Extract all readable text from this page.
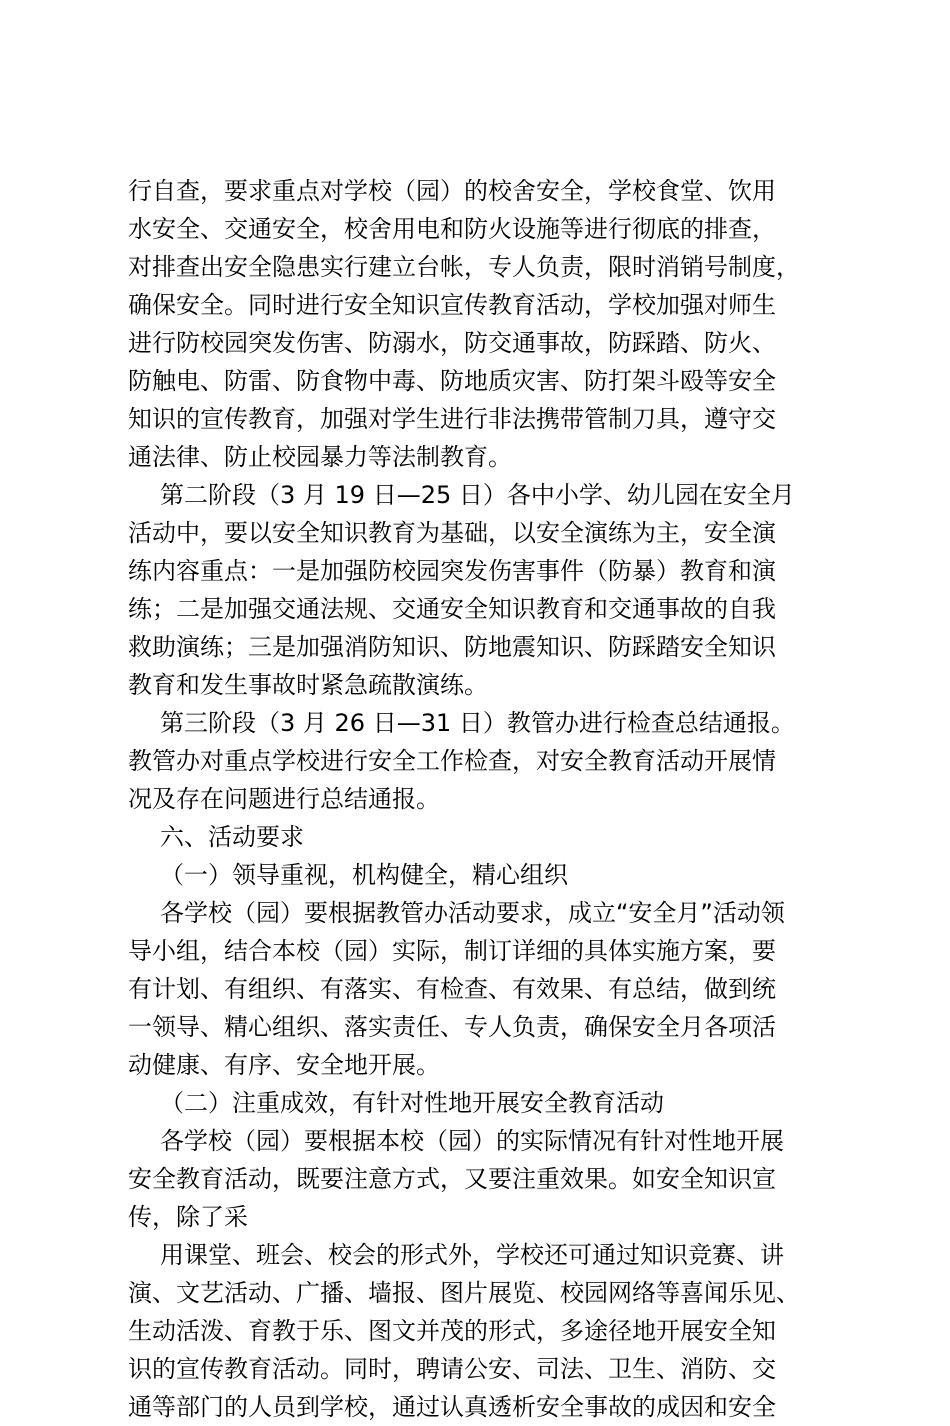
行自查，要求重点对学校（园）的校舍安全，学校食堂、饮用
水安全、交通安全，校舍用电和防火设施等进行彻底的排查，
对排查出安全隐患实行建立台帐，专人负责，限时消销号制度，
确保安全。同时进行安全知识宣传教育活动，学校加强对师生
进行防校园突发伤害、防溺水，防交通事故，防踩踏、防火、
防触电、防雷、防食物中毒、防地质灾害、防打架斗殴等安全
知识的宣传教育，加强对学生进行非法携带管制刀具，遵守交
通法律、防止校园暴力等法制教育。
第二阶段（3 月 19 日—25 日）各中小学、幼儿园在安全月
活动中，要以安全知识教育为基础，以安全演练为主，安全演
练内容重点：一是加强防校园突发伤害事件（防暴）教育和演
练；二是加强交通法规、交通安全知识教育和交通事故的自我
救助演练；三是加强消防知识、防地震知识、防踩踏安全知识
教育和发生事故时紧急疏散演练。
第三阶段（3 月 26 日—31 日）教管办进行检查总结通报。
教管办对重点学校进行安全工作检查，对安全教育活动开展情
况及存在问题进行总结通报。
六、活动要求
（一）领导重视，机构健全，精心组织
各学校（园）要根据教管办活动要求，成立“安全月”活动领
导小组，结合本校（园）实际，制订详细的具体实施方案，要
有计划、有组织、有落实、有检查、有效果、有总结，做到统
一领导、精心组织、落实责任、专人负责，确保安全月各项活
动健康、有序、安全地开展。
（二）注重成效，有针对性地开展安全教育活动
各学校（园）要根据本校（园）的实际情况有针对性地开展
安全教育活动，既要注意方式，又要注重效果。如安全知识宣
传，除了采
用课堂、班会、校会的形式外，学校还可通过知识竞赛、讲
演、文艺活动、广播、墙报、图片展览、校园网络等喜闻乐见、
生动活泼、育教于乐、图文并茂的形式，多途径地开展安全知
识的宣传教育活动。同时，聘请公安、司法、卫生、消防、交
通等部门的人员到学校，通过认真透析安全事故的成因和安全
